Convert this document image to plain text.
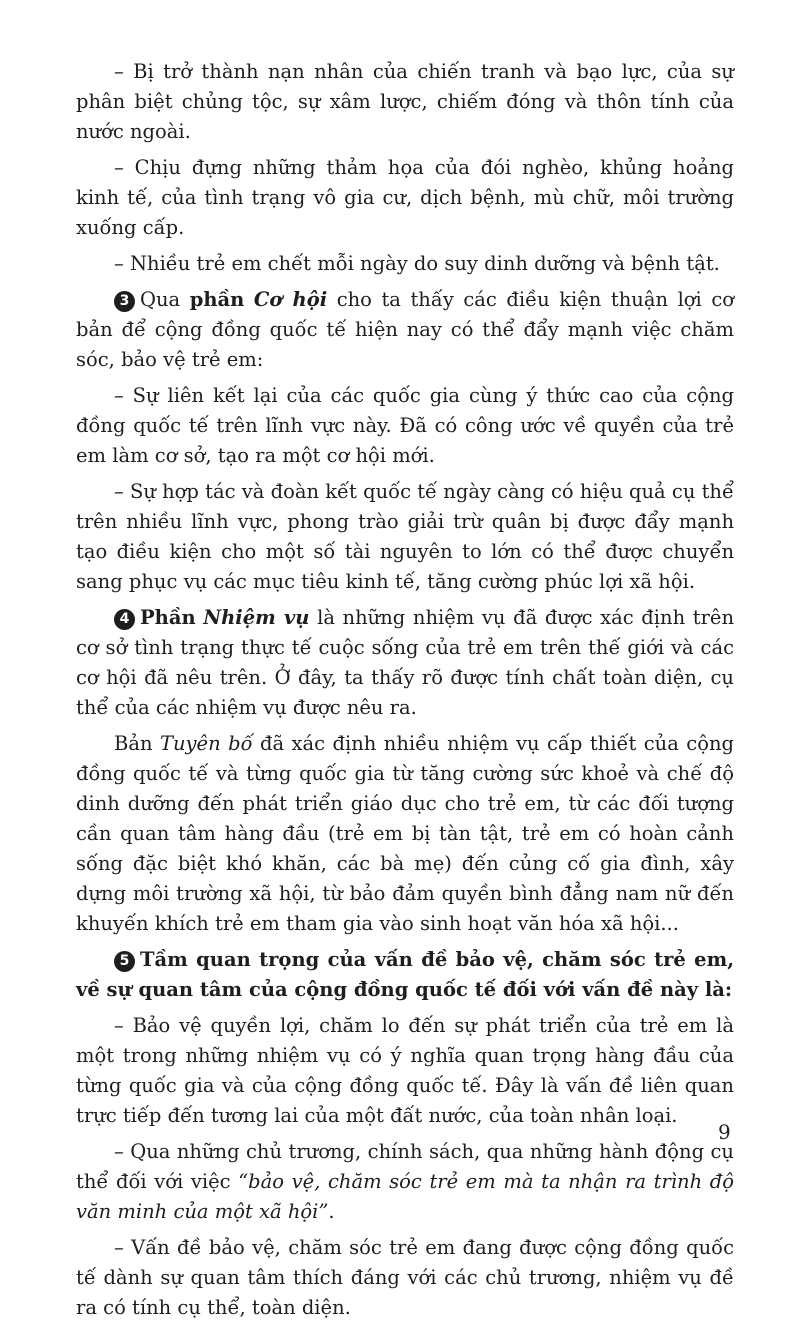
– Bị trở thành nạn nhân của chiến tranh và bạo lực, của sự phân biệt chủng tộc, sự xâm lược, chiếm đóng và thôn tính của nước ngoài.

– Chịu đựng những thảm họa của đói nghèo, khủng hoảng kinh tế, của tình trạng vô gia cư, dịch bệnh, mù chữ, môi trường xuống cấp.

– Nhiều trẻ em chết mỗi ngày do suy dinh dưỡng và bệnh tật.

3 Qua phần Cơ hội cho ta thấy các điều kiện thuận lợi cơ bản để cộng đồng quốc tế hiện nay có thể đẩy mạnh việc chăm sóc, bảo vệ trẻ em:

– Sự liên kết lại của các quốc gia cùng ý thức cao của cộng đồng quốc tế trên lĩnh vực này. Đã có công ước về quyền của trẻ em làm cơ sở, tạo ra một cơ hội mới.

– Sự hợp tác và đoàn kết quốc tế ngày càng có hiệu quả cụ thể trên nhiều lĩnh vực, phong trào giải trừ quân bị được đẩy mạnh tạo điều kiện cho một số tài nguyên to lớn có thể được chuyển sang phục vụ các mục tiêu kinh tế, tăng cường phúc lợi xã hội.

4 Phần Nhiệm vụ là những nhiệm vụ đã được xác định trên cơ sở tình trạng thực tế cuộc sống của trẻ em trên thế giới và các cơ hội đã nêu trên. Ở đây, ta thấy rõ được tính chất toàn diện, cụ thể của các nhiệm vụ được nêu ra.

Bản Tuyên bố đã xác định nhiều nhiệm vụ cấp thiết của cộng đồng quốc tế và từng quốc gia từ tăng cường sức khoẻ và chế độ dinh dưỡng đến phát triển giáo dục cho trẻ em, từ các đối tượng cần quan tâm hàng đầu (trẻ em bị tàn tật, trẻ em có hoàn cảnh sống đặc biệt khó khăn, các bà mẹ) đến củng cố gia đình, xây dựng môi trường xã hội, từ bảo đảm quyền bình đẳng nam nữ đến khuyến khích trẻ em tham gia vào sinh hoạt văn hóa xã hội...

5 Tầm quan trọng của vấn đề bảo vệ, chăm sóc trẻ em, về sự quan tâm của cộng đồng quốc tế đối với vấn đề này là:

– Bảo vệ quyền lợi, chăm lo đến sự phát triển của trẻ em là một trong những nhiệm vụ có ý nghĩa quan trọng hàng đầu của từng quốc gia và của cộng đồng quốc tế. Đây là vấn đề liên quan trực tiếp đến tương lai của một đất nước, của toàn nhân loại.

– Qua những chủ trương, chính sách, qua những hành động cụ thể đối với việc “bảo vệ, chăm sóc trẻ em mà ta nhận ra trình độ văn minh của một xã hội”.

– Vấn đề bảo vệ, chăm sóc trẻ em đang được cộng đồng quốc tế dành sự quan tâm thích đáng với các chủ trương, nhiệm vụ đề ra có tính cụ thể, toàn diện.

9
